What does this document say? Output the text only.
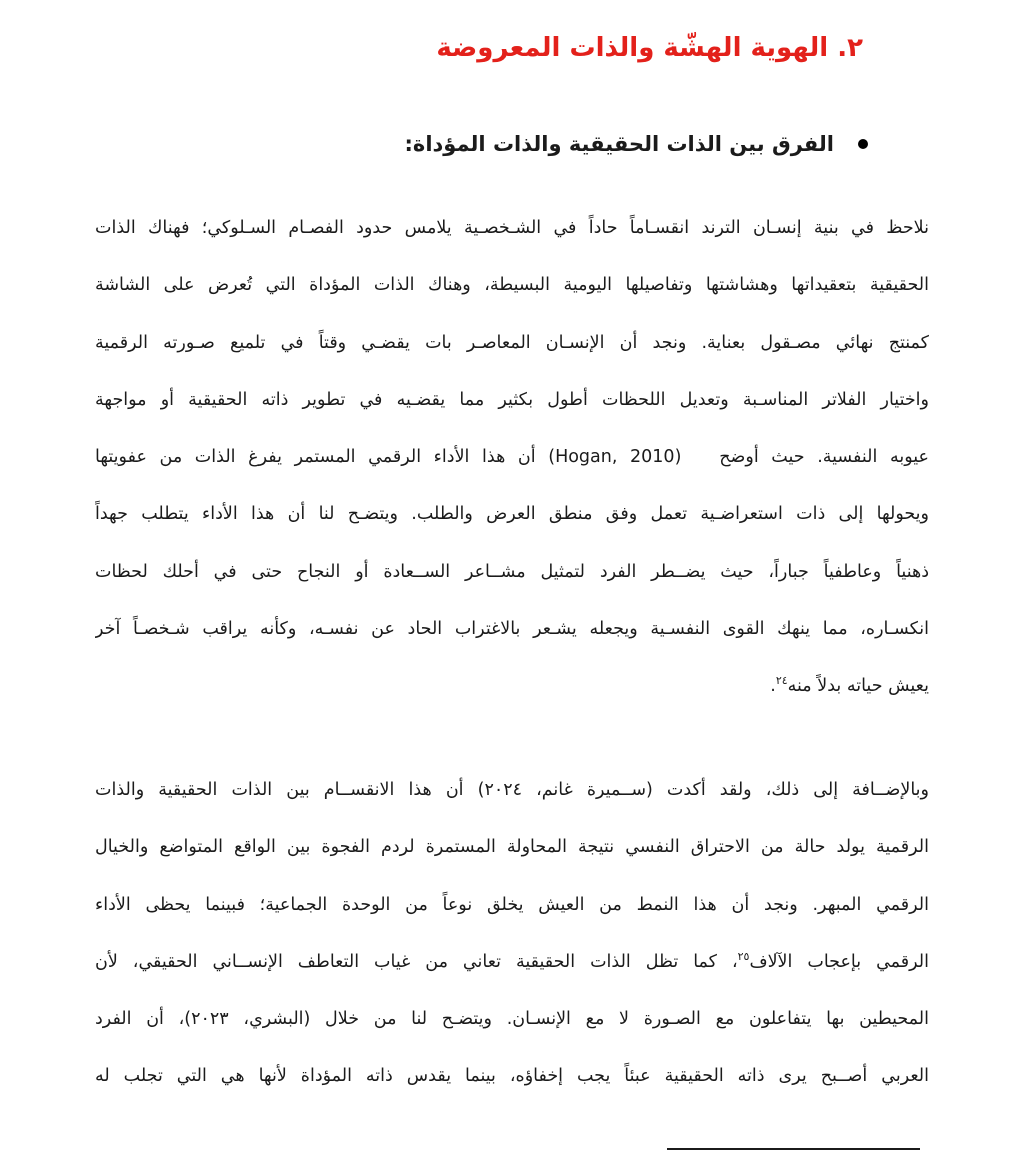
٢. الهوية الهشّة والذات المعروضة
الفرق بين الذات الحقيقية والذات المؤداة:
نلاحظ في بنية إنسـان الترند انقسـاماً حاداً في الشـخصـية يلامس حدود الفصـام السـلوكي؛ فهناك الذات
الحقيقية بتعقيداتها وهشاشتها وتفاصيلها اليومية البسيطة، وهناك الذات المؤداة التي تُعرض على الشاشة
كمنتج نهائي مصـقول بعناية. ونجد أن الإنسـان المعاصـر بات يقضـي وقتاً في تلميع صـورته الرقمية
واختيار الفلاتر المناسـبة وتعديل اللحظات أطول بكثير مما يقضـيه في تطوير ذاته الحقيقية أو مواجهة
عيوبه النفسية. حيث أوضح   (Hogan, 2010) أن هذا الأداء الرقمي المستمر يفرغ الذات من عفويتها
ويحولها إلى ذات استعراضـية تعمل وفق منطق العرض والطلب. ويتضـح لنا أن هذا الأداء يتطلب جهداً
ذهنياً وعاطفياً جباراً، حيث يضــطر الفرد لتمثيل مشــاعر الســعادة أو النجاح حتى في أحلك لحظات
انكسـاره، مما ينهك القوى النفسـية ويجعله يشـعر بالاغتراب الحاد عن نفسـه، وكأنه يراقب شـخصـاً آخر
يعيش حياته بدلاً منه$^{٢٤}$.
وبالإضــافة إلى ذلك، ولقد أكدت (ســميرة غانم، ٢٠٢٤) أن هذا الانقســام بين الذات الحقيقية والذات
الرقمية يولد حالة من الاحتراق النفسي نتيجة المحاولة المستمرة لردم الفجوة بين الواقع المتواضع والخيال
الرقمي المبهر. ونجد أن هذا النمط من العيش يخلق نوعاً من الوحدة الجماعية؛ فبينما يحظى الأداء
الرقمي بإعجاب الآلاف$^{٢٥}$، كما تظل الذات الحقيقية تعاني من غياب التعاطف الإنســاني الحقيقي، لأن
المحيطين بها يتفاعلون مع الصـورة لا مع الإنسـان. ويتضـح لنا من خلال (البشري، ٢٠٢٣)، أن الفرد
العربي أصــبح يرى ذاته الحقيقية عبئاً يجب إخفاؤه، بينما يقدس ذاته المؤداة لأنها هي التي تجلب له
